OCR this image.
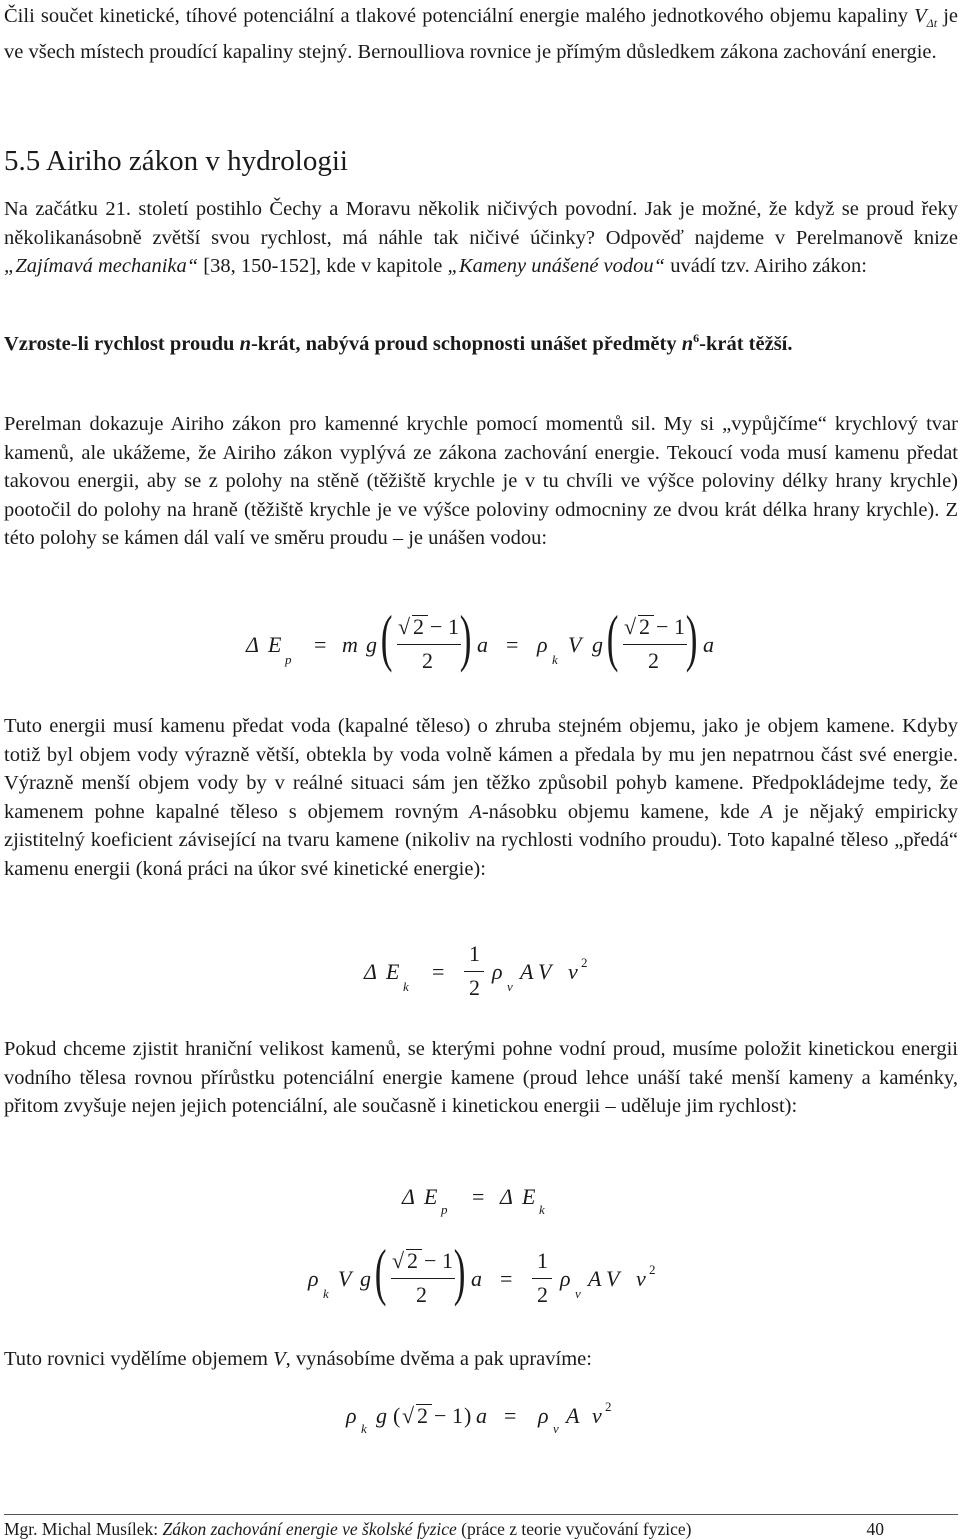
Čili součet kinetické, tíhové potenciální a tlakové potenciální energie malého jednotkového objemu kapaliny $V_{\Delta t}$ je ve všech místech proudící kapaliny stejný. Bernoulliova rovnice je přímým důsledkem zákona zachování energie.

5.5 Airiho zákon v hydrologii

Na začátku 21. století postihlo Čechy a Moravu několik ničivých povodní. Jak je možné, že když se proud řeky několikanásobně zvětší svou rychlost, má náhle tak ničivé účinky? Odpověď najdeme v Perelmanově knize „Zajímavá mechanika“ [38, 150-152], kde v kapitole „Kameny unášené vodou“ uvádí tzv. Airiho zákon:

Vzroste-li rychlost proudu n-krát, nabývá proud schopnosti unášet předměty $n^6$-krát těžší.

Perelman dokazuje Airiho zákon pro kamenné krychle pomocí momentů sil. My si „vypůjčíme“ krychlový tvar kamenů, ale ukážeme, že Airiho zákon vyplývá ze zákona zachování energie. Tekoucí voda musí kamenu předat takovou energii, aby se z polohy na stěně (těžiště krychle je v tu chvíli ve výšce poloviny délky hrany krychle) pootočil do polohy na hraně (těžiště krychle je ve výšce poloviny odmocniny ze dvou krát délka hrany krychle). Z této polohy se kámen dál valí ve směru proudu – je unášen vodou:

Δ E
p
= m g ( √ 2 − 1
2 ) a = ρ
k
V g ( √ 2 − 1
2 ) a

Tuto energii musí kamenu předat voda (kapalné těleso) o zhruba stejném objemu, jako je objem kamene. Kdyby totiž byl objem vody výrazně větší, obtekla by voda volně kámen a předala by mu jen nepatrnou část své energie. Výrazně menší objem vody by v reálné situaci sám jen těžko způsobil pohyb kamene. Předpokládejme tedy, že kamenem pohne kapalné těleso s objemem rovným A-násobku objemu kamene, kde A je nějaký empiricky zjistitelný koeficient závisející na tvaru kamene (nikoliv na rychlosti vodního proudu). Toto kapalné těleso „předá“ kamenu energii (koná práci na úkor své kinetické energie):

Δ E
k
=
1
2
ρ
v
A V v 2

Pokud chceme zjistit hraniční velikost kamenů, se kterými pohne vodní proud, musíme položit kinetickou energii vodního tělesa rovnou přírůstku potenciální energie kamene (proud lehce unáší také menší kameny a kaménky, přitom zvyšuje nejen jejich potenciální, ale současně i kinetickou energii – uděluje jim rychlost):

Δ E
p
= Δ E
k
ρ
k
V g ( √ 2 − 1
2 ) a =
1
2
ρ
v
A V v 2

Tuto rovnici vydělíme objemem V, vynásobíme dvěma a pak upravíme:

ρ
k
g ( √ 2 − 1 ) a = ρ
v
A v 2
Mgr. Michal Musílek: Zákon zachování energie ve školské fyzice (práce z teorie vyučování fyzice)	40
